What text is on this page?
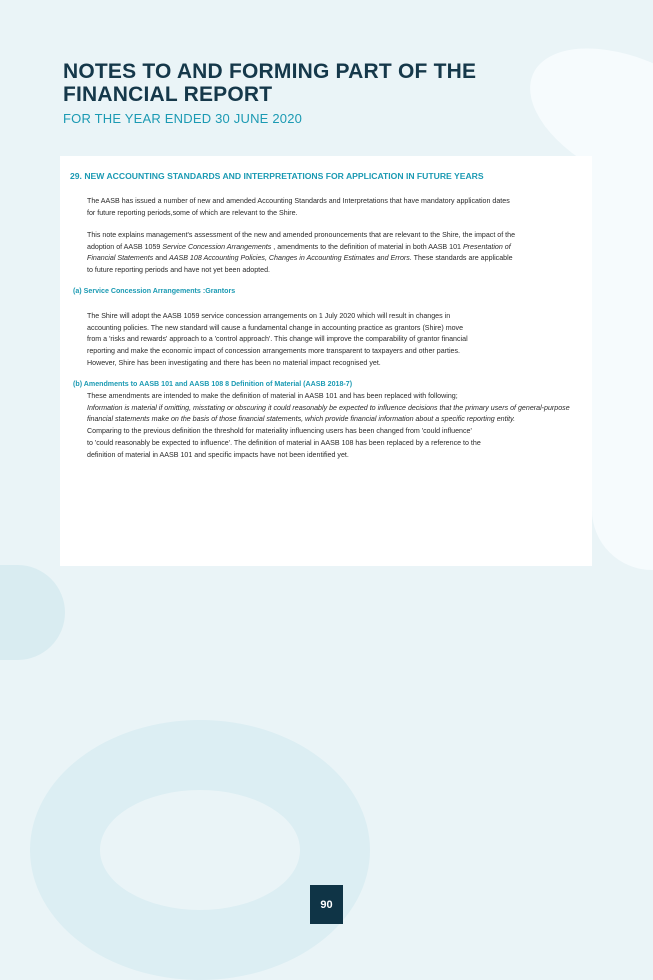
NOTES TO AND FORMING PART OF THE
FINANCIAL REPORT

FOR THE YEAR ENDED 30 JUNE 2020

29. NEW ACCOUNTING STANDARDS AND INTERPRETATIONS FOR APPLICATION IN FUTURE YEARS

The AASB has issued a number of new and amended Accounting Standards and Interpretations that have mandatory application dates
for future reporting periods,some of which are relevant to the Shire.

This note explains management's assessment of the new and amended pronouncements that are relevant to the Shire, the impact of the
adoption of AASB 1059 Service Concession Arrangements , amendments to the definition of material in both AASB 101 Presentation of
Financial Statements and AASB 108 Accounting Policies, Changes in Accounting Estimates and Errors. These standards are applicable
to future reporting periods and have not yet been adopted.

(a) Service Concession Arrangements :Grantors

The Shire will adopt the AASB 1059 service concession arrangements on 1 July 2020 which will result in changes in
accounting policies. The new standard will cause a fundamental change in accounting practice as grantors (Shire) move
from a 'risks and rewards' approach to a 'control approach'. This change will improve the comparability of grantor financial
reporting and make the economic impact of concession arrangements more transparent to taxpayers and other parties.
However, Shire has been investigating and there has been no material impact recognised yet.

(b) Amendments to AASB 101 and AASB 108 8 Definition of Material (AASB 2018-7)

These amendments are intended to make the definition of material in AASB 101 and has been replaced with following;
Information is material if omitting, misstating or obscuring it could reasonably be expected to influence decisions that the primary users of general-purpose financial statements make on the basis of those financial statements, which provide financial information about a specific reporting entity.
Comparing to the previous definition the threshold for materiality influencing users has been changed from 'could influence'
to 'could reasonably be expected to influence'. The definition of material in AASB 108 has been replaced by a reference to the
definition of material in AASB 101 and specific impacts have not been identified yet.

90
